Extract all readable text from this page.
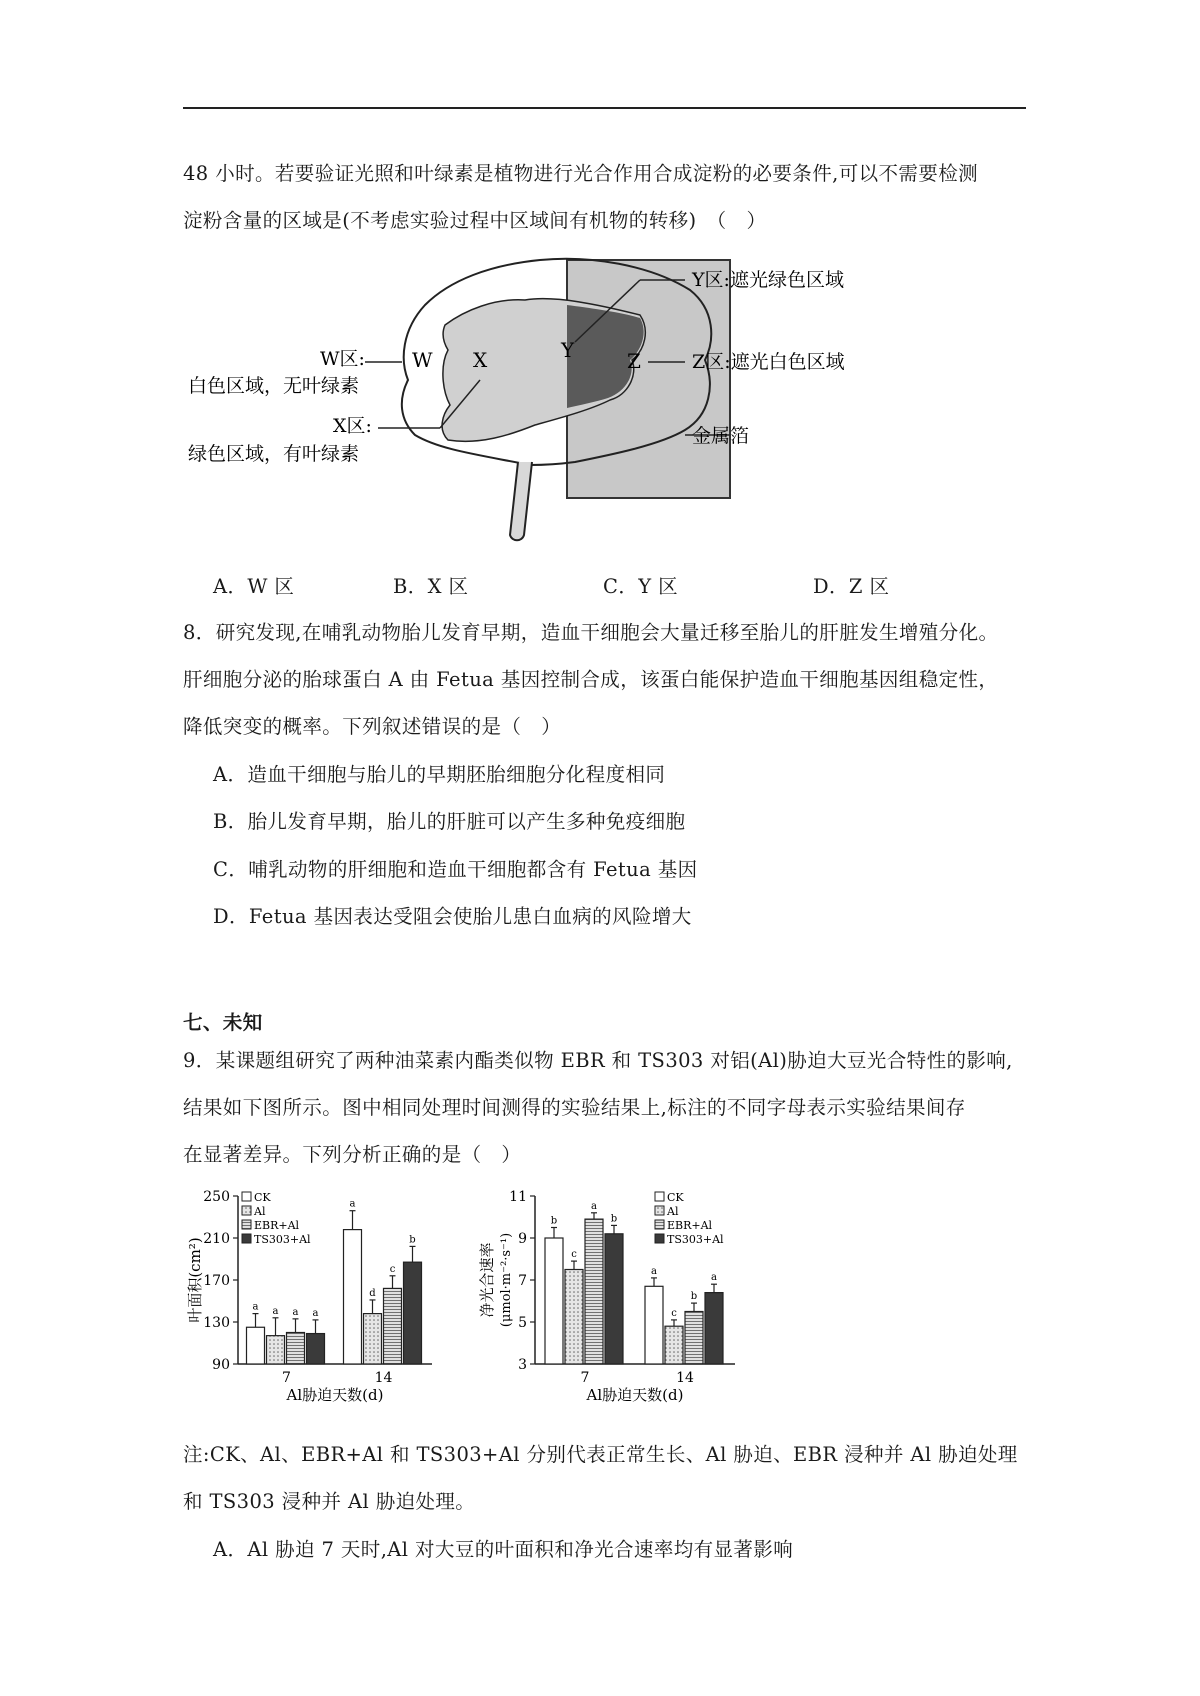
48 小时。若要验证光照和叶绿素是植物进行光合作用合成淀粉的必要条件,可以不需要检测
淀粉含量的区域是(不考虑实验过程中区域间有机物的转移)　（　）
W X	Y	Z
W区:
白色区域，无叶绿素
X区:
绿色区域，有叶绿素
Y区:遮光绿色区域
Z区:遮光白色区域
金属箔
A．W 区	B．X 区	C．Y 区	D．Z 区
8．研究发现,在哺乳动物胎儿发育早期，造血干细胞会大量迁移至胎儿的肝脏发生增殖分化。
肝细胞分泌的胎球蛋白 A 由 Fetua 基因控制合成，该蛋白能保护造血干细胞基因组稳定性，
降低突变的概率。下列叙述错误的是（　）
A．造血干细胞与胎儿的早期胚胎细胞分化程度相同
B．胎儿发育早期，胎儿的肝脏可以产生多种免疫细胞
C．哺乳动物的肝细胞和造血干细胞都含有 Fetua 基因
D．Fetua 基因表达受阻会使胎儿患白血病的风险增大
七、未知
9．某课题组研究了两种油菜素内酯类似物 EBR 和 TS303 对铝(Al)胁迫大豆光合特性的影响,
结果如下图所示。图中相同处理时间测得的实验结果上,标注的不同字母表示实验结果间存
在显著差异。下列分析正确的是（　）
90
130
170
210
250
a a a a
7
a
d
c
b
14
Al胁迫天数(d)
叶面积(cm²)
CK
Al
EBR+Al
TS303+Al
3
5
7
9
11
b
c
a
b
7
a
c
b
a
14
Al胁迫天数(d)
净光合速率 (μmol·m⁻²·s⁻¹)
CK
Al
EBR+Al
TS303+Al
注:CK、Al、EBR+Al 和 TS303+Al 分别代表正常生长、Al 胁迫、EBR 浸种并 Al 胁迫处理
和 TS303 浸种并 Al 胁迫处理。
A．Al 胁迫 7 天时,Al 对大豆的叶面积和净光合速率均有显著影响
